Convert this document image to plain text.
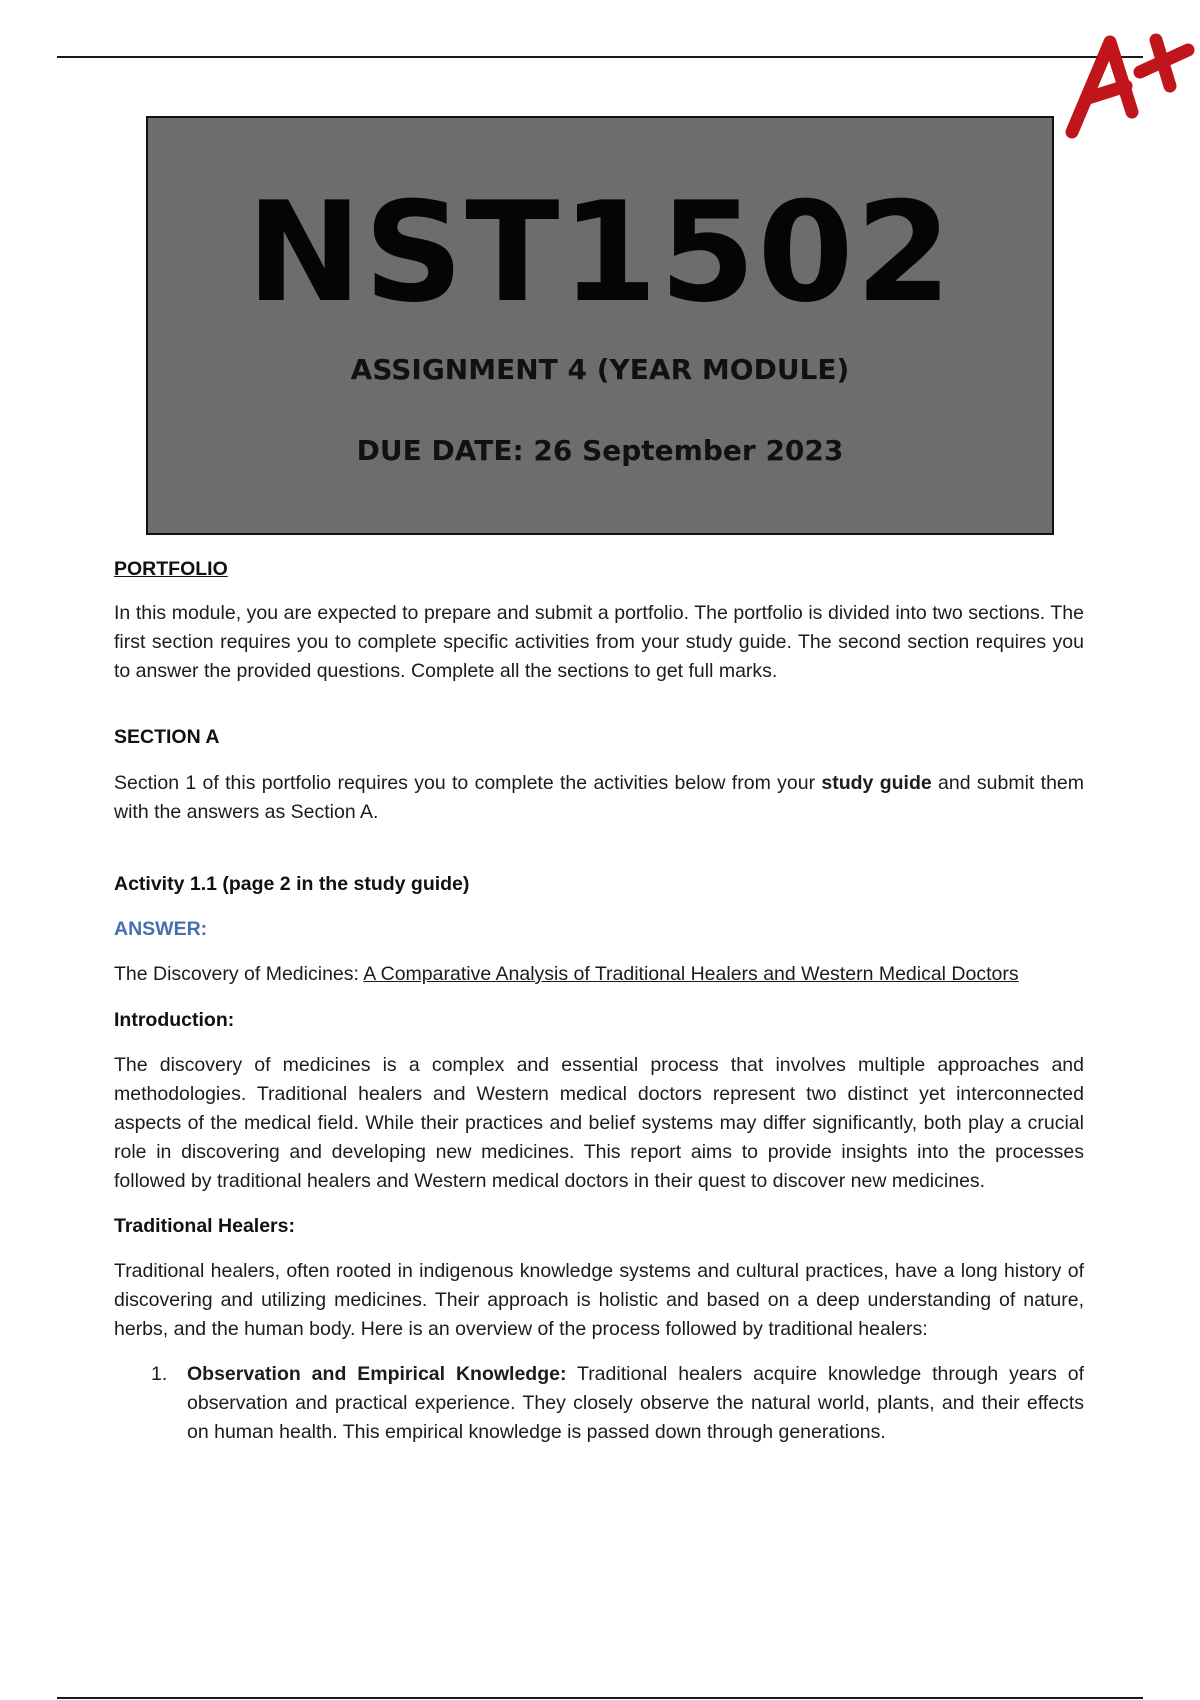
NST1502
ASSIGNMENT 4 (YEAR MODULE)
DUE DATE: 26 September 2023
PORTFOLIO

In this module, you are expected to prepare and submit a portfolio. The portfolio is divided into two sections. The first section requires you to complete specific activities from your study guide. The second section requires you to answer the provided questions. Complete all the sections to get full marks.

SECTION A

Section 1 of this portfolio requires you to complete the activities below from your study guide and submit them with the answers as Section A.

Activity 1.1 (page 2 in the study guide)
ANSWER:
The Discovery of Medicines: A Comparative Analysis of Traditional Healers and Western Medical Doctors
Introduction:

The discovery of medicines is a complex and essential process that involves multiple approaches and methodologies. Traditional healers and Western medical doctors represent two distinct yet interconnected aspects of the medical field. While their practices and belief systems may differ significantly, both play a crucial role in discovering and developing new medicines. This report aims to provide insights into the processes followed by traditional healers and Western medical doctors in their quest to discover new medicines.

Traditional Healers:

Traditional healers, often rooted in indigenous knowledge systems and cultural practices, have a long history of discovering and utilizing medicines. Their approach is holistic and based on a deep understanding of nature, herbs, and the human body. Here is an overview of the process followed by traditional healers:

1. Observation and Empirical Knowledge: Traditional healers acquire knowledge through years of observation and practical experience. They closely observe the natural world, plants, and their effects on human health. This empirical knowledge is passed down through generations.
